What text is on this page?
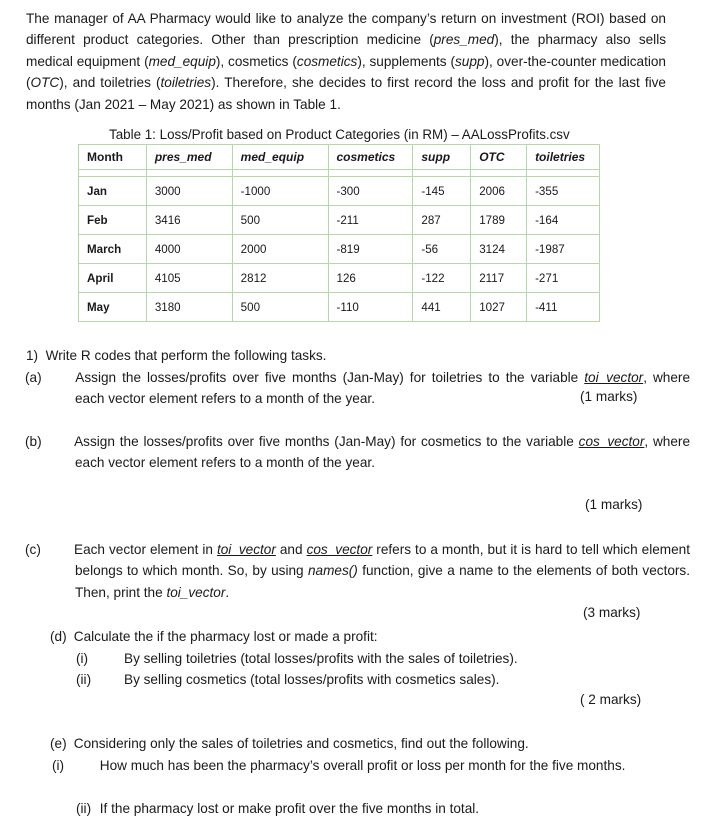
The manager of AA Pharmacy would like to analyze the company’s return on investment (ROI) based on different product categories. Other than prescription medicine (pres_med), the pharmacy also sells medical equipment (med_equip), cosmetics (cosmetics), supplements (supp), over-the-counter medication (OTC), and toiletries (toiletries). Therefore, she decides to first record the loss and profit for the last five months (Jan 2021 – May 2021) as shown in Table 1.
Table 1: Loss/Profit based on Product Categories (in RM) – AALossProfits.csv
Month	pres_med	med_equip	cosmetics	supp	OTC	toiletries

Jan	3000	-1000	-300	-145	2006	-355
Feb	3416	500	-211	287	1789	-164
March	4000	2000	-819	-56	3124	-1987
April	4105	2812	126	-122	2117	-271
May	3180	500	-110	441	1027	-411
1)  Write R codes that perform the following tasks.
(a) Assign the losses/profits over five months (Jan-May) for toiletries to the variable toi_vector, where each vector element refers to a month of the year.	(1 marks)
(b) Assign the losses/profits over five months (Jan-May) for cosmetics to the variable cos_vector, where each vector element refers to a month of the year.
(1 marks)
(c) Each vector element in toi_vector and cos_vector refers to a month, but it is hard to tell which element belongs to which month. So, by using names() function, give a name to the elements of both vectors. Then, print the toi_vector.
(3 marks)
(d) Calculate the if the pharmacy lost or made a profit:
(i)	By selling toiletries (total losses/profits with the sales of toiletries).
(ii) By selling cosmetics (total losses/profits with cosmetics sales).
( 2 marks)
(e) Considering only the sales of toiletries and cosmetics, find out the following.
(i)	How much has been the pharmacy’s overall profit or loss per month for the five months.
(ii) If the pharmacy lost or make profit over the five months in total.
